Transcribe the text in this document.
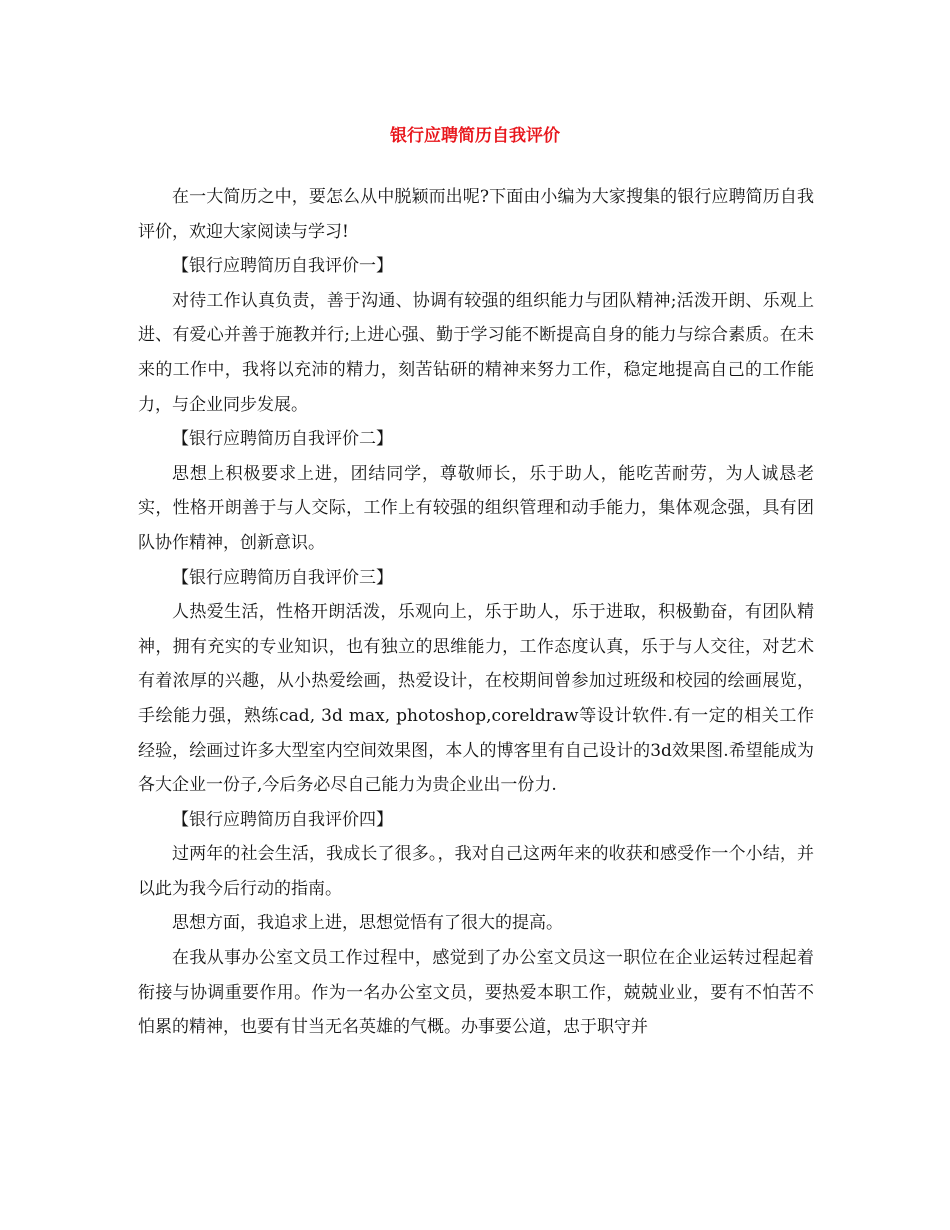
银行应聘简历自我评价

在一大简历之中，要怎么从中脱颖而出呢?下面由小编为大家搜集的银行应聘简历自我评价，欢迎大家阅读与学习!

【银行应聘简历自我评价一】

对待工作认真负责，善于沟通、协调有较强的组织能力与团队精神;活泼开朗、乐观上进、有爱心并善于施教并行;上进心强、勤于学习能不断提高自身的能力与综合素质。在未来的工作中，我将以充沛的精力，刻苦钻研的精神来努力工作，稳定地提高自己的工作能力，与企业同步发展。

【银行应聘简历自我评价二】

思想上积极要求上进，团结同学，尊敬师长，乐于助人，能吃苦耐劳，为人诚恳老实，性格开朗善于与人交际，工作上有较强的组织管理和动手能力，集体观念强，具有团队协作精神，创新意识。

【银行应聘简历自我评价三】

人热爱生活，性格开朗活泼，乐观向上，乐于助人，乐于进取，积极勤奋，有团队精神，拥有充实的专业知识，也有独立的思维能力，工作态度认真，乐于与人交往，对艺术有着浓厚的兴趣，从小热爱绘画，热爱设计，在校期间曾参加过班级和校园的绘画展览，手绘能力强，熟练cad, 3d max, photoshop,coreldraw等设计软件.有一定的相关工作经验，绘画过许多大型室内空间效果图，本人的博客里有自己设计的3d效果图.希望能成为各大企业一份子,今后务必尽自己能力为贵企业出一份力.

【银行应聘简历自我评价四】

过两年的社会生活，我成长了很多。，我对自己这两年来的收获和感受作一个小结，并以此为我今后行动的指南。

思想方面，我追求上进，思想觉悟有了很大的提高。

在我从事办公室文员工作过程中，感觉到了办公室文员这一职位在企业运转过程起着衔接与协调重要作用。作为一名办公室文员，要热爱本职工作，兢兢业业，要有不怕苦不怕累的精神，也要有甘当无名英雄的气概。办事要公道，忠于职守并
